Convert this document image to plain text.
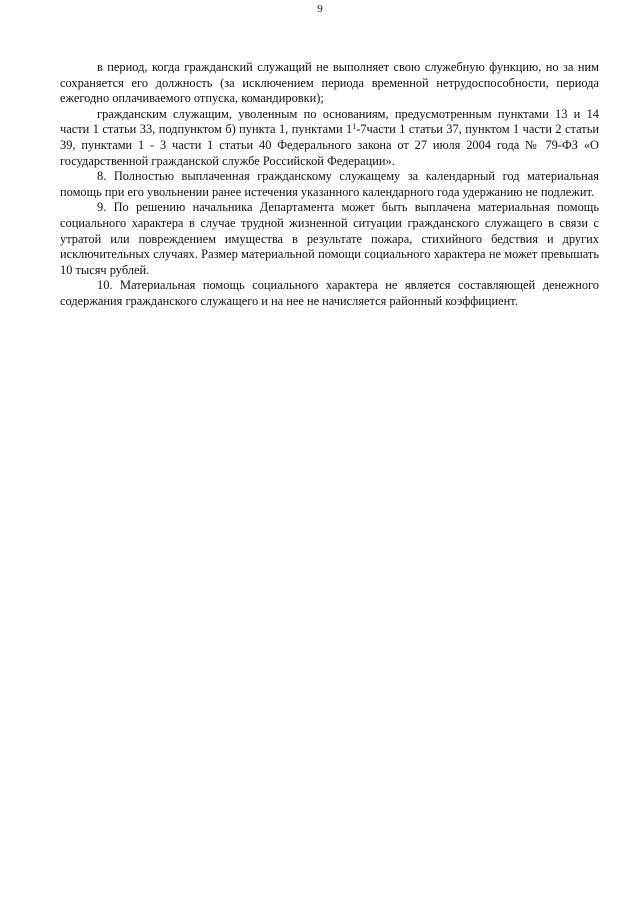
9

в период, когда гражданский служащий не выполняет свою служебную функцию, но за ним сохраняется его должность (за исключением периода временной нетрудоспособности, периода ежегодно оплачиваемого отпуска, командировки);

гражданским служащим, уволенным по основаниям, предусмотренным пунктами 13 и 14 части 1 статьи 33, подпунктом б) пункта 1, пунктами $1^1-7части$ 1 статьи 37, пунктом 1 части 2 статьи 39, пунктами 1 - 3 части 1 статьи 40 Федерального закона от 27 июля 2004 года № 79-ФЗ «О государственной гражданской службе Российской Федерации».

8. Полностью выплаченная гражданскому служащему за календарный год материальная помощь при его увольнении ранее истечения указанного календарного года удержанию не подлежит.

9. По решению начальника Департамента может быть выплачена материальная помощь социального характера в случае трудной жизненной ситуации гражданского служащего в связи с утратой или повреждением имущества в результате пожара, стихийного бедствия и других исключительных случаях. Размер материальной помощи социального характера не может превышать 10 тысяч рублей.

10. Материальная помощь социального характера не является составляющей денежного содержания гражданского служащего и на нее не начисляется районный коэффициент.
